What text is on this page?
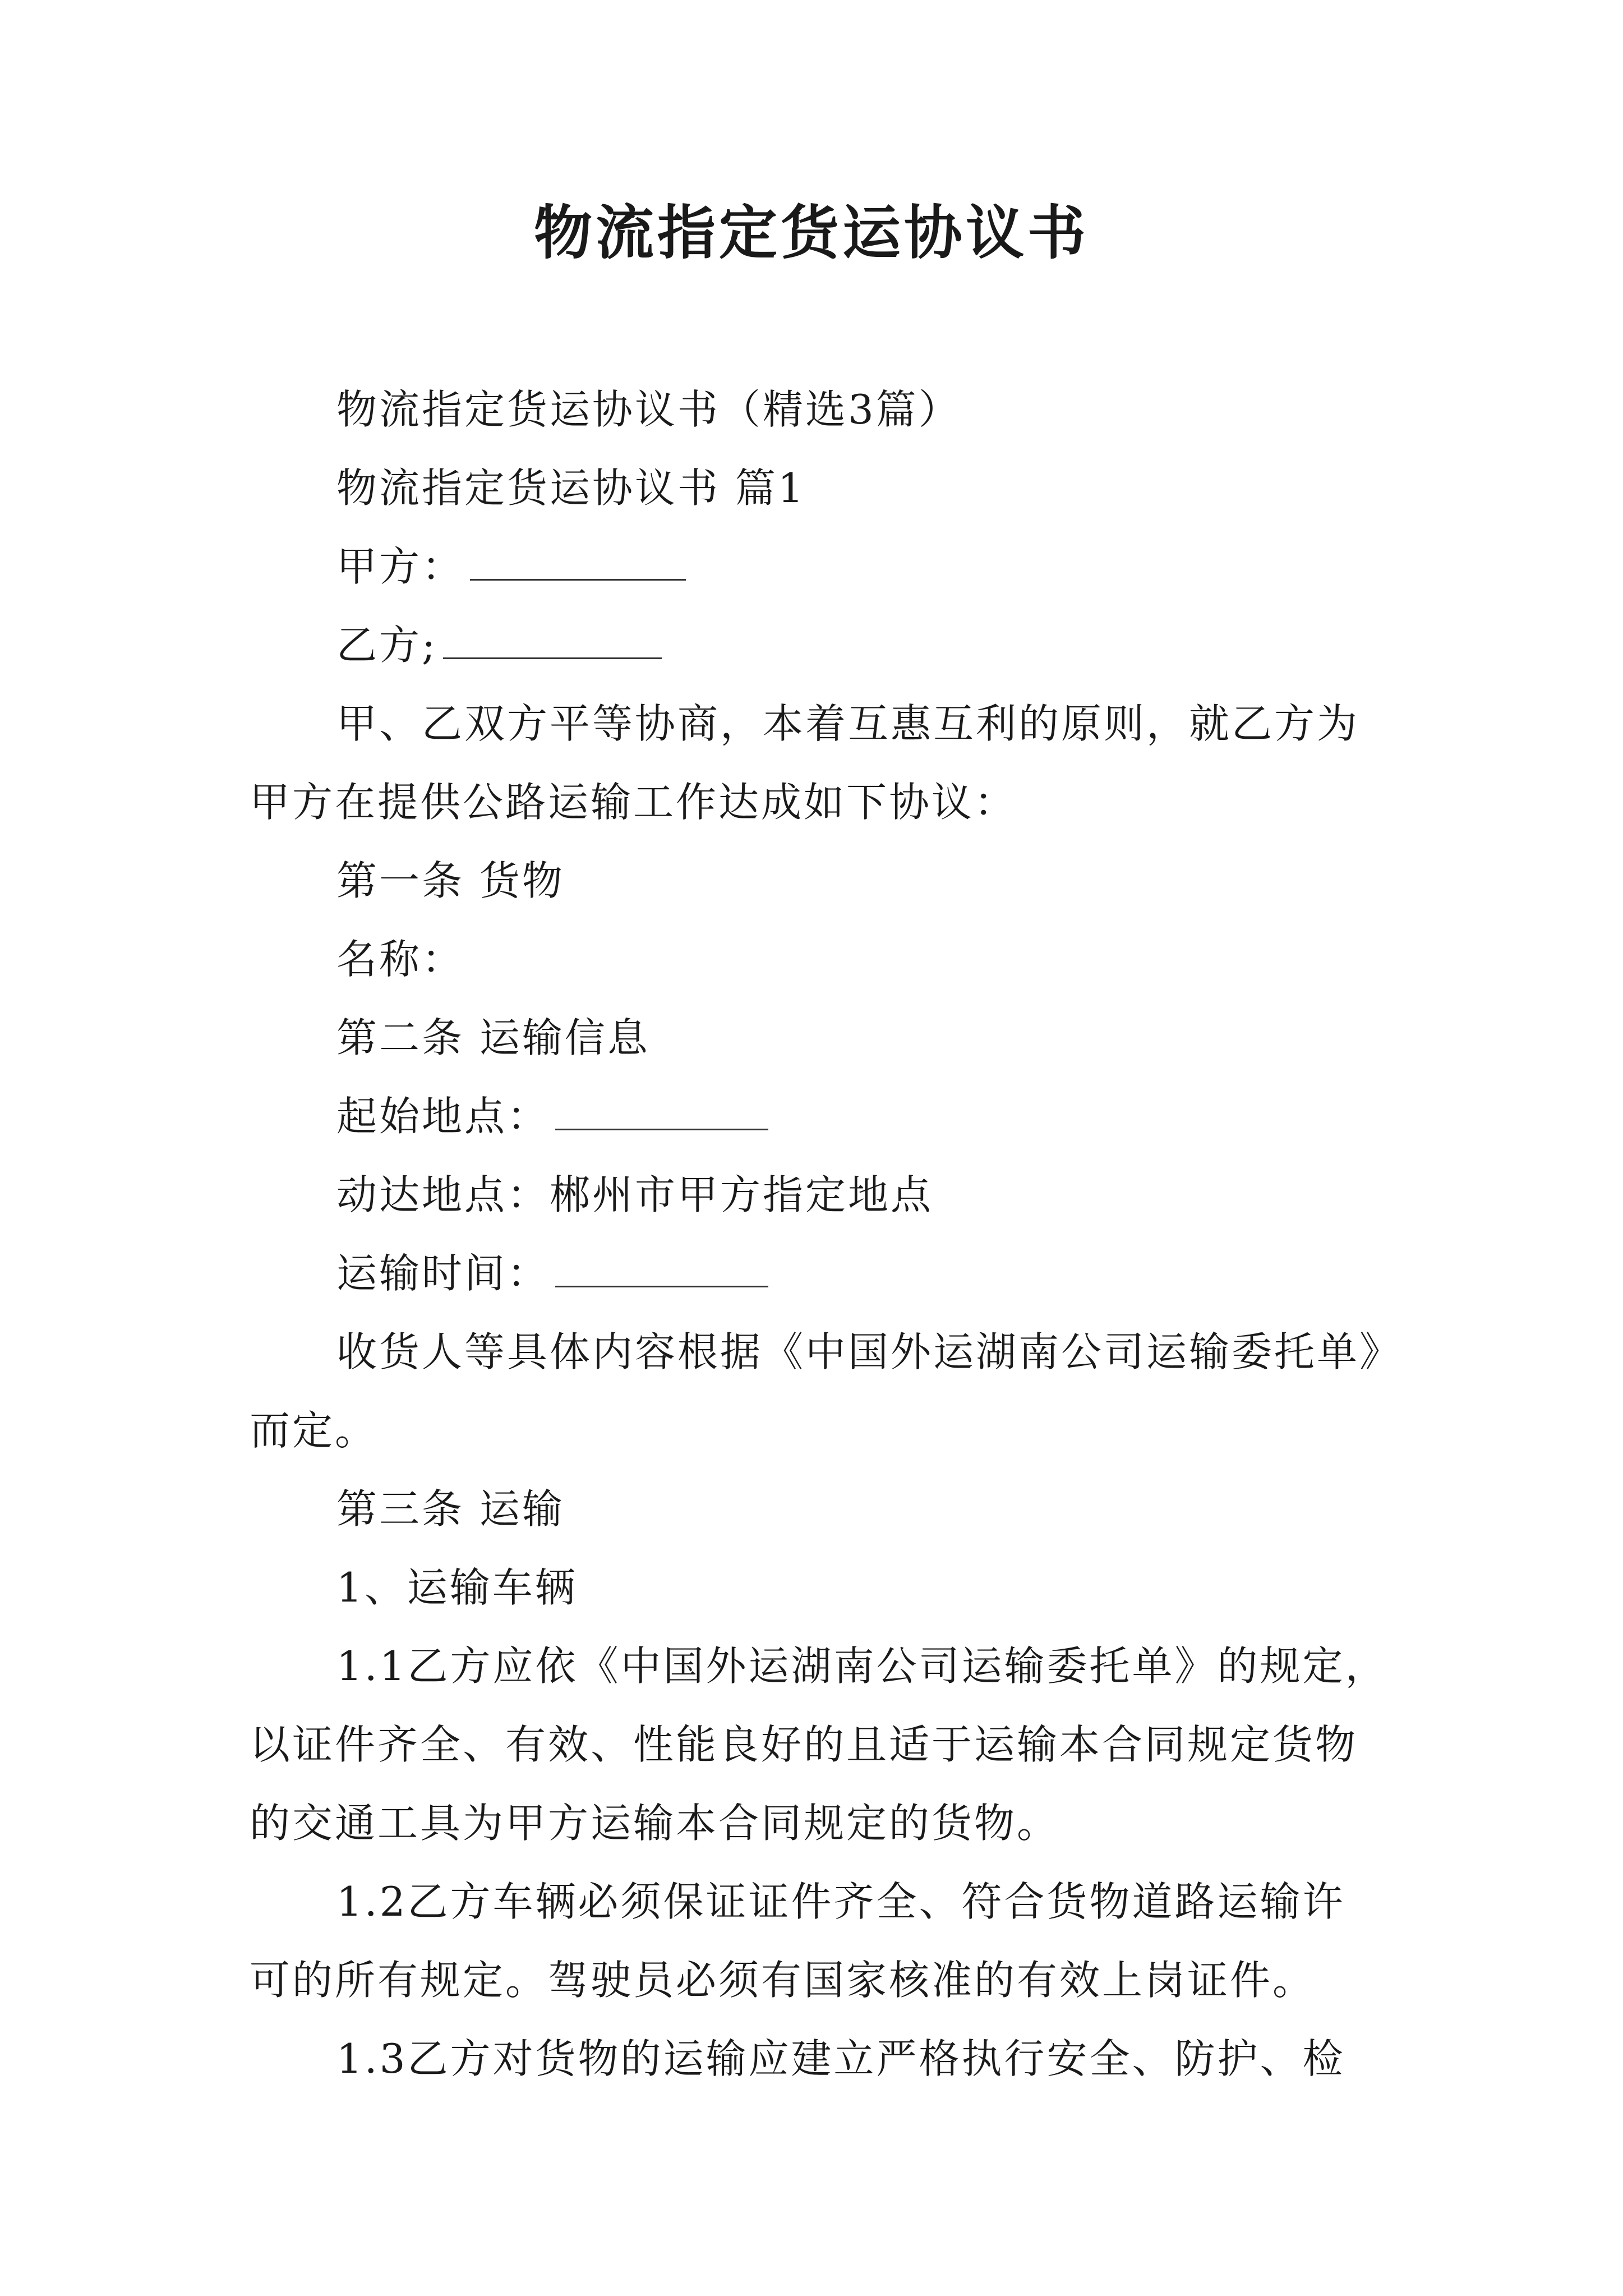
物流指定货运协议书
物流指定货运协议书（精选3篇）
物流指定货运协议书 篇1
甲方：
乙方;
甲、乙双方平等协商，本着互惠互利的原则，就乙方为
甲方在提供公路运输工作达成如下协议：
第一条 货物
名称：
第二条 运输信息
起始地点：
动达地点：郴州市甲方指定地点
运输时间：
收货人等具体内容根据《中国外运湖南公司运输委托单》
而定。
第三条 运输
1、运输车辆
1.1乙方应依《中国外运湖南公司运输委托单》的规定，
以证件齐全、有效、性能良好的且适于运输本合同规定货物
的交通工具为甲方运输本合同规定的货物。
1.2乙方车辆必须保证证件齐全、符合货物道路运输许
可的所有规定。驾驶员必须有国家核准的有效上岗证件。
1.3乙方对货物的运输应建立严格执行安全、防护、检
